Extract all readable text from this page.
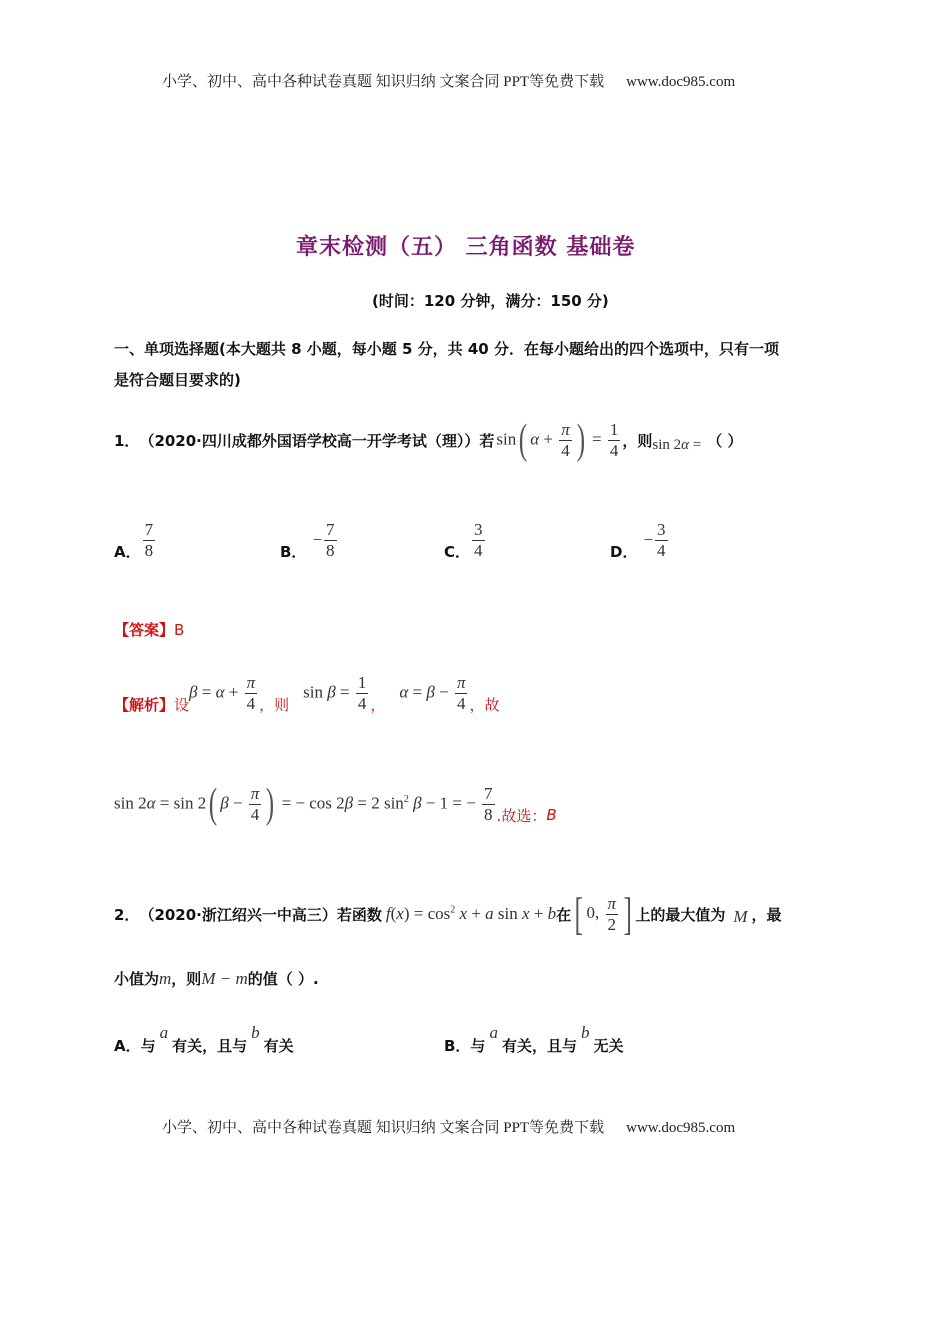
小学、初中、高中各种试卷真题 知识归纳 文案合同 PPT等免费下载 www.doc985.com
章末检测（五） 三角函数 基础卷
(时间：120 分钟，满分：150 分)
一、单项选择题(本大题共 8 小题，每小题 5 分，共 40 分．在每小题给出的四个选项中，只有一项
是符合题目要求的)
1． （2020·四川成都外国语学校高一开学考试（理））若 sin( $\alpha + \frac{\pi}{4}$ ) = $\frac{1}{4}$ ，则 sin 2α = （ ）
A． $\frac{7}{8}$	B．
− $\frac{7}{8}$	C． $\frac{3}{4}$	D．
− $\frac{3}{4}$
【答案】B
【解析】 设
$\beta = \alpha + \frac{\pi}{4}$ ，则
$\sin \beta = \frac{1}{4}$ ，
$\alpha = \beta - \frac{\pi}{4}$ ，故
sin 2α = sin 2( $\beta - \frac{\pi}{4}$ ) = − cos 2β = 2 $\sin^2 \beta - 1$ = − $\frac{7}{8}$ .故选： B
2． （2020·浙江绍兴一中高三）若函数 $f(x) = \cos^2 x + a$ sin x + b 在 [ 0, $\frac{\pi}{2}$ ] 上的最大值为 M ，最
小值为 m ，则 M − m 的值（ ）.
A．与
a
有关，且与
b
有关	B．与
a
有关，且与
b
无关
小学、初中、高中各种试卷真题 知识归纳 文案合同 PPT等免费下载 www.doc985.com
